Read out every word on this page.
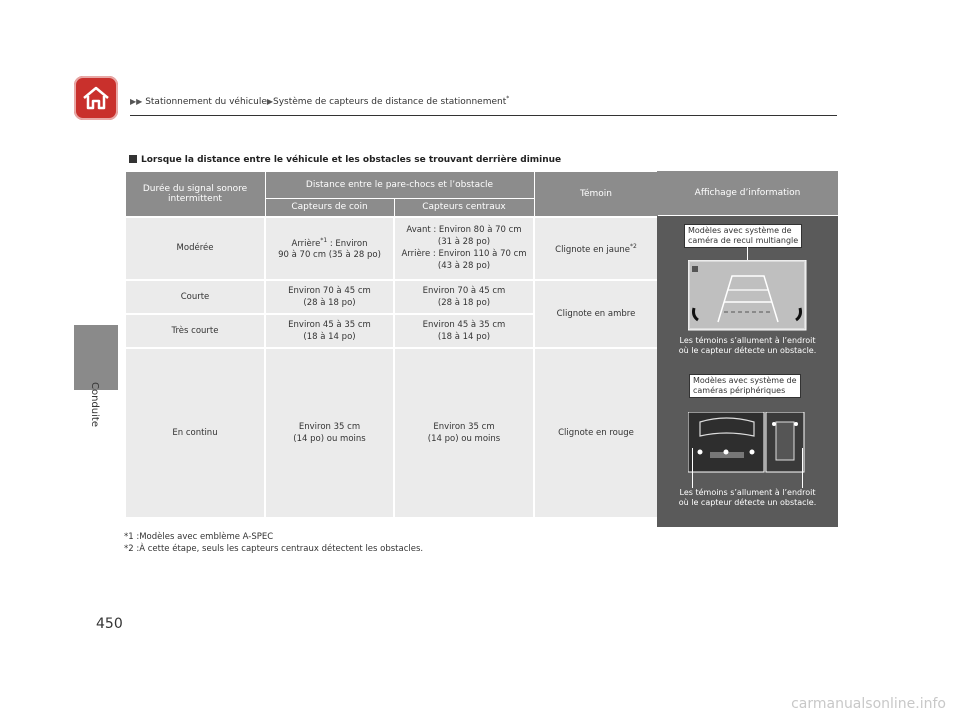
▶▶ Stationnement du véhicule▶Système de capteurs de distance de stationnement*
Conduite
Lorsque la distance entre le véhicule et les obstacles se trouvant derrière diminue
Durée du signal sonore intermittent	Distance entre le pare-chocs et l’obstacle		Témoin
	Capteurs de coin	Capteurs centraux	
Modérée	Arrière$^{*1}$ : Environ
90 à 70 cm (35 à 28 po)	Avant : Environ 80 à 70 cm
(31 à 28 po)
Arrière : Environ 110 à 70 cm
(43 à 28 po)	Clignote en jaune$^{*2}$
Courte	Environ 70 à 45 cm
(28 à 18 po)	Environ 70 à 45 cm
(28 à 18 po)	Clignote en ambre
Très courte	Environ 45 à 35 cm
(18 à 14 po)	Environ 45 à 35 cm
(18 à 14 po)	
En continu	Environ 35 cm
(14 po) ou moins	Environ 35 cm
(14 po) ou moins	Clignote en rouge
Affichage d’information
Modèles avec système de
caméra de recul multiangle
Les témoins s’allument à l’endroit
où le capteur détecte un obstacle.
Modèles avec système de
caméras périphériques
Les témoins s’allument à l’endroit
où le capteur détecte un obstacle.
*1 :Modèles avec emblème A-SPEC
*2 :À cette étape, seuls les capteurs centraux détectent les obstacles.
450
carmanualsonline.info
